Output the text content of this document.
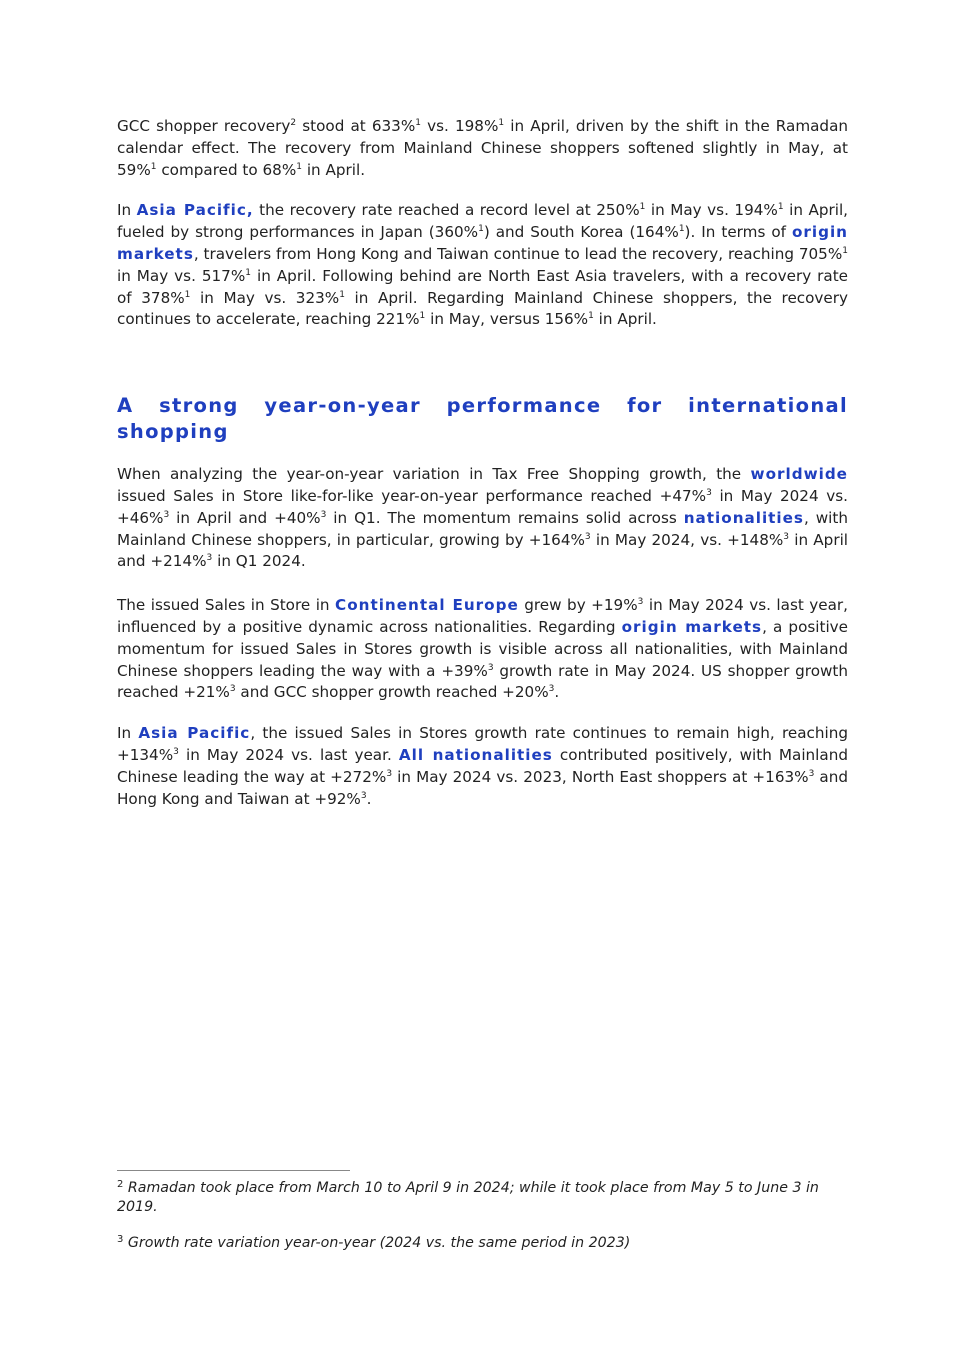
GCC shopper recovery$^2$ stood at 633%$^1$ vs. 198%$^1$ in April, driven by the shift in the Ramadan calendar effect. The recovery from Mainland Chinese shoppers softened slightly in May, at 59%$^1$ compared to 68%$^1$ in April.

In Asia Pacific, the recovery rate reached a record level at 250%$^1$ in May vs. 194%$^1$ in April, fueled by strong performances in Japan (360%$^1$) and South Korea (164%$^1$). In terms of origin markets, travelers from Hong Kong and Taiwan continue to lead the recovery, reaching 705%$^1$ in May vs. 517%$^1$ in April. Following behind are North East Asia travelers, with a recovery rate of 378%$^1$ in May vs. 323%$^1$ in April. Regarding Mainland Chinese shoppers, the recovery continues to accelerate, reaching 221%$^1$ in May, versus 156%$^1$ in April.

A strong year-on-year performance for international shopping

When analyzing the year-on-year variation in Tax Free Shopping growth, the worldwide issued Sales in Store like-for-like year-on-year performance reached +47%$^3$ in May 2024 vs. +46%$^3$ in April and +40%$^3$ in Q1. The momentum remains solid across nationalities, with Mainland Chinese shoppers, in particular, growing by +164%$^3$ in May 2024, vs. +148%$^3$ in April and +214%$^3$ in Q1 2024.

The issued Sales in Store in Continental Europe grew by +19%$^3$ in May 2024 vs. last year, influenced by a positive dynamic across nationalities. Regarding origin markets, a positive momentum for issued Sales in Stores growth is visible across all nationalities, with Mainland Chinese shoppers leading the way with a +39%$^3$ growth rate in May 2024. US shopper growth reached +21%$^3$ and GCC shopper growth reached +20%$^3$.

In Asia Pacific, the issued Sales in Stores growth rate continues to remain high, reaching +134%$^3$ in May 2024 vs. last year. All nationalities contributed positively, with Mainland Chinese leading the way at +272%$^3$ in May 2024 vs. 2023, North East shoppers at +163%$^3$ and Hong Kong and Taiwan at +92%$^3$.

$^2$ Ramadan took place from March 10 to April 9 in 2024; while it took place from May 5 to June 3 in 2019.

$^3$ Growth rate variation year-on-year (2024 vs. the same period in 2023)
